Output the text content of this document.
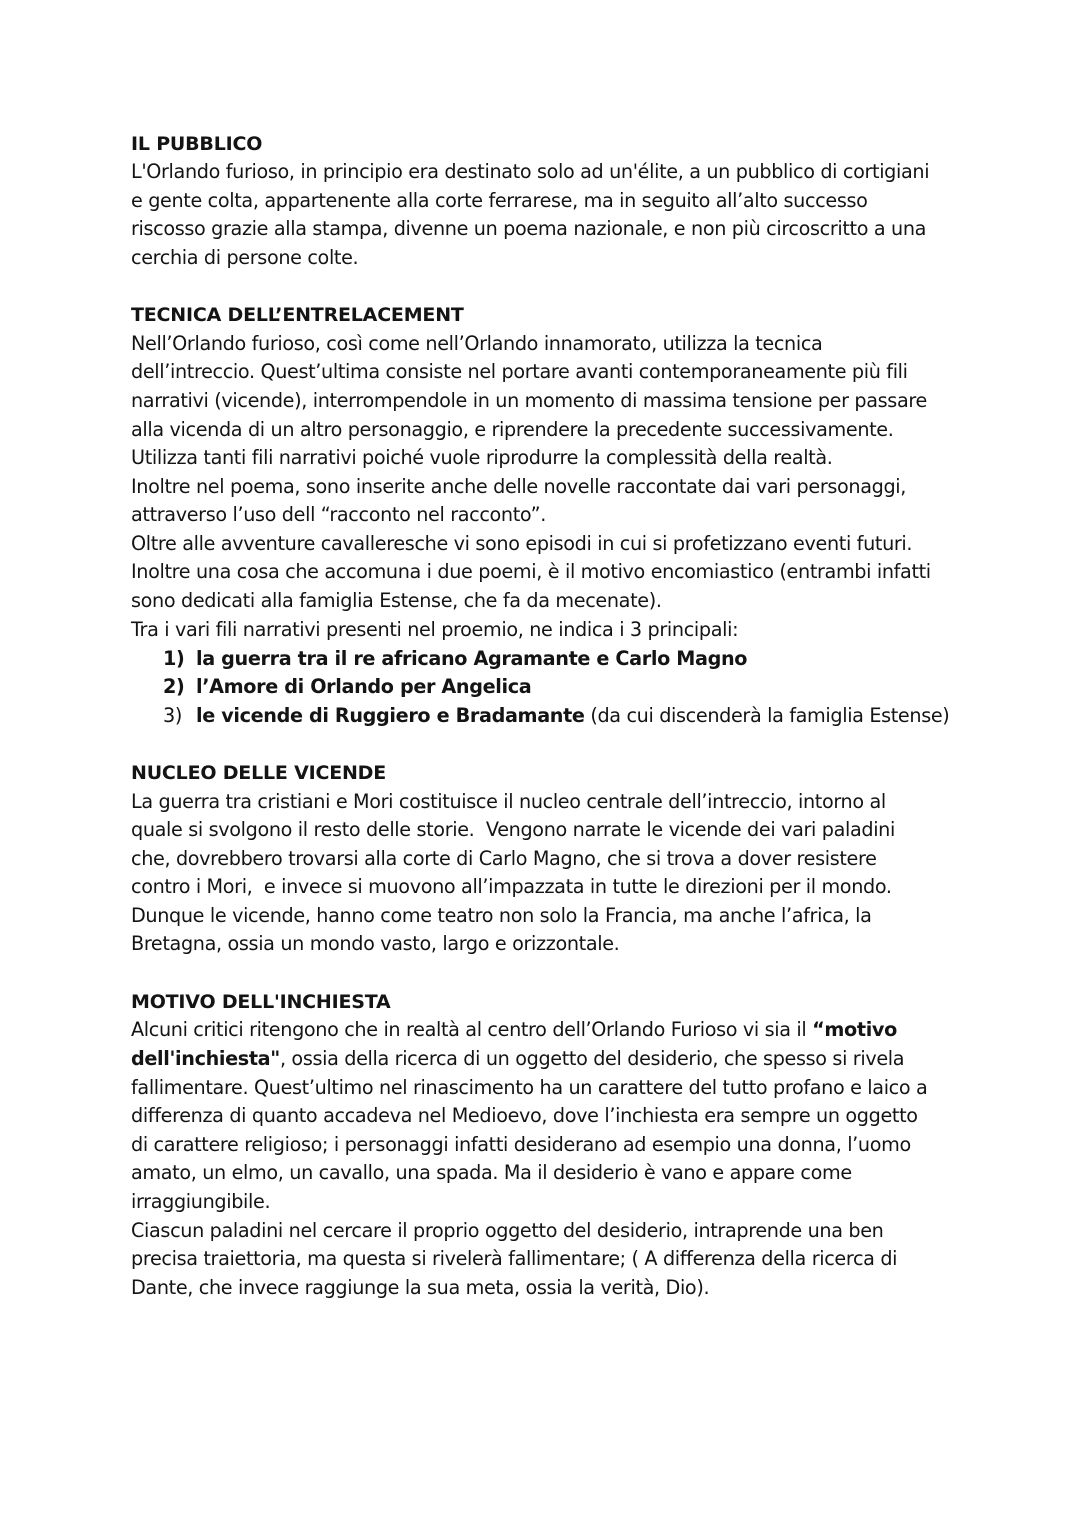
IL PUBBLICO
L'Orlando furioso, in principio era destinato solo ad un'élite, a un pubblico di cortigiani
e gente colta, appartenente alla corte ferrarese, ma in seguito all’alto successo
riscosso grazie alla stampa, divenne un poema nazionale, e non più circoscritto a una
cerchia di persone colte.
TECNICA DELL’ENTRELACEMENT
Nell’Orlando furioso, così come nell’Orlando innamorato, utilizza la tecnica
dell’intreccio. Quest’ultima consiste nel portare avanti contemporaneamente più fili
narrativi (vicende), interrompendole in un momento di massima tensione per passare
alla vicenda di un altro personaggio, e riprendere la precedente successivamente.
Utilizza tanti fili narrativi poiché vuole riprodurre la complessità della realtà.
Inoltre nel poema, sono inserite anche delle novelle raccontate dai vari personaggi,
attraverso l’uso dell “racconto nel racconto”.
Oltre alle avventure cavalleresche vi sono episodi in cui si profetizzano eventi futuri.
Inoltre una cosa che accomuna i due poemi, è il motivo encomiastico (entrambi infatti
sono dedicati alla famiglia Estense, che fa da mecenate).
Tra i vari fili narrativi presenti nel proemio, ne indica i 3 principali:
1) la guerra tra il re africano Agramante e Carlo Magno
2) l’Amore di Orlando per Angelica
3) le vicende di Ruggiero e Bradamante (da cui discenderà la famiglia Estense)
NUCLEO DELLE VICENDE
La guerra tra cristiani e Mori costituisce il nucleo centrale dell’intreccio, intorno al
quale si svolgono il resto delle storie.  Vengono narrate le vicende dei vari paladini
che, dovrebbero trovarsi alla corte di Carlo Magno, che si trova a dover resistere
contro i Mori,  e invece si muovono all’impazzata in tutte le direzioni per il mondo.
Dunque le vicende, hanno come teatro non solo la Francia, ma anche l’africa, la
Bretagna, ossia un mondo vasto, largo e orizzontale.
MOTIVO DELL'INCHIESTA
Alcuni critici ritengono che in realtà al centro dell’Orlando Furioso vi sia il “motivo
dell'inchiesta", ossia della ricerca di un oggetto del desiderio, che spesso si rivela
fallimentare. Quest’ultimo nel rinascimento ha un carattere del tutto profano e laico a
differenza di quanto accadeva nel Medioevo, dove l’inchiesta era sempre un oggetto
di carattere religioso; i personaggi infatti desiderano ad esempio una donna, l’uomo
amato, un elmo, un cavallo, una spada. Ma il desiderio è vano e appare come
irraggiungibile.
Ciascun paladini nel cercare il proprio oggetto del desiderio, intraprende una ben
precisa traiettoria, ma questa si rivelerà fallimentare; ( A differenza della ricerca di
Dante, che invece raggiunge la sua meta, ossia la verità, Dio).
